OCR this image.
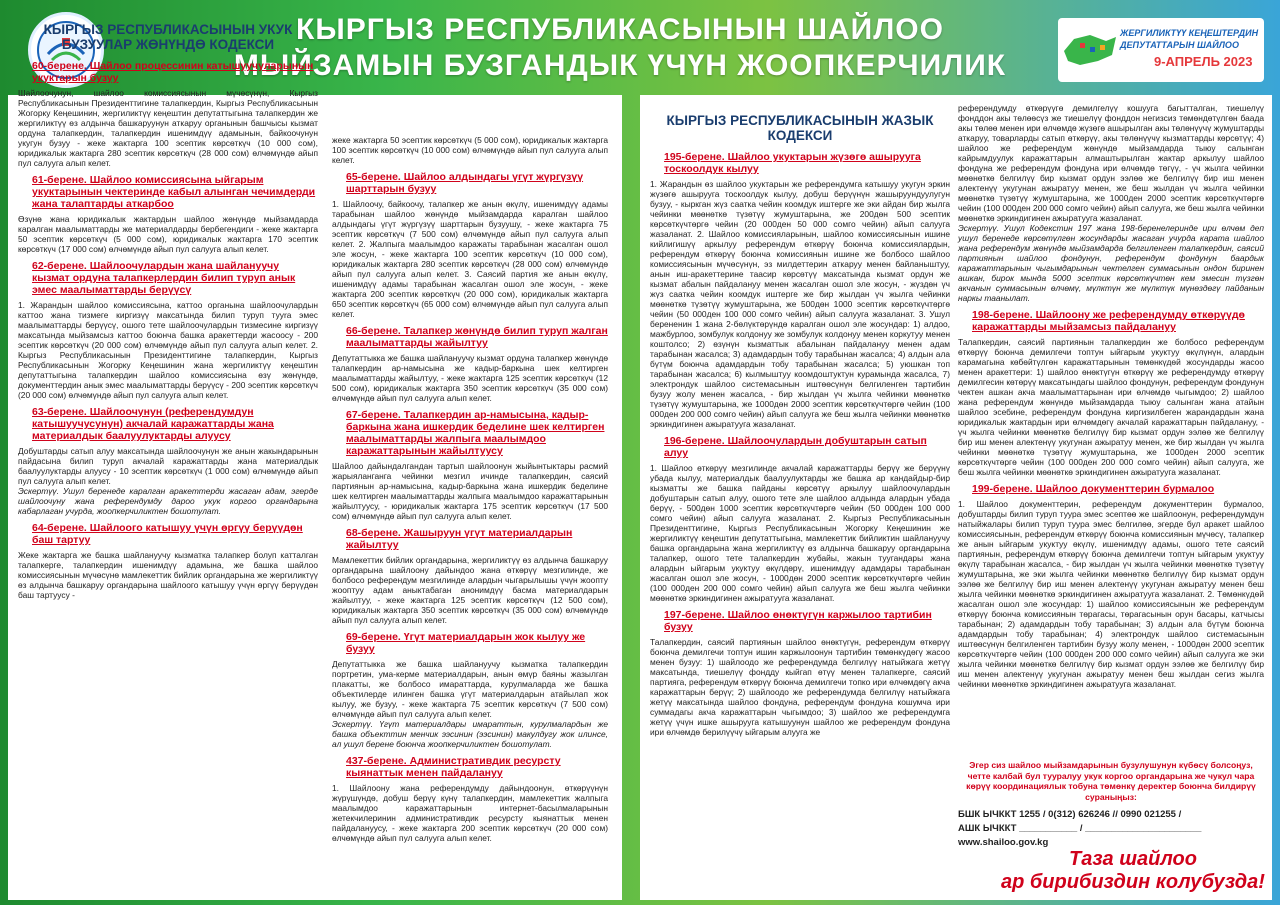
КЫРГЫЗ РЕСПУБЛИКАСЫНЫН ШАЙЛОО
МЫЙЗАМЫН БУЗГАНДЫК ҮЧҮН ЖООПКЕРЧИЛИК
ЖЕРГИЛИКТҮҮ КЕҢЕШТЕРДИН
ДЕПУТАТТАРЫН ШАЙЛОО
9-АПРЕЛЬ 2023
КЫРГЫЗ РЕСПУБЛИКАСЫНЫН УКУК БУЗУУЛАР ЖӨНҮНДӨ КОДЕКСИ
60-берене. Шайлоо процессинин катышуучуларынын укуктарын бузуу

Шайлоочунун, шайлоо комиссиясынын мүчөсүнүн, Кыргыз Республикасынын Президенттигине талапкердин, Кыргыз Республикасынын Жогорку Кеңешинин, жергиликтүү кеңештин депутаттыгына талапкердин же жергиликтүү өз алдынча башкаруунун аткаруу органынын башчысы кызмат ордуна талапкердин, талапкердин ишенимдүү адамынын, байкоочунун укугун бузуу - жеке жактарга 100 эсептик көрсөткүч (10 000 сом), юридикалык жактарга 280 эсептик көрсөткүч (28 000 сом) өлчөмүндө айып пул салууга алып келет.

61-берене. Шайлоо комиссиясына ыйгарым укуктарынын чектеринде кабыл алынган чечимдерди жана талаптарды аткарбоо

Өзүнө жана юридикалык жактардын шайлоо жөнүндө мыйзамдарда каралган маалыматтарды же материалдарды бербегендиги - жеке жактарга 50 эсептик көрсөткүч (5 000 сом), юридикалык жактарга 170 эсептик көрсөткүч (17 000 сом) өлчөмүндө айып пул салууга алып келет.

62-берене. Шайлоочулардын жана шайлануучу кызмат ордуна талапкерлердин билип туруп анык эмес маалыматтарды берүүсү

1. Жарандын шайлоо комиссиясына, каттоо органына шайлоочулардын каттоо жана тизмеге киргизүү максатында билип туруп тууra эмес маалыматтарды берүүсү, ошого тете шайлоочулардын тизмесине киргизүү максатында мыйзамсыз каттоо боюнча башка аракеттерди жасоосу - 200 эсептик көрсөткүч (20 000 сом) өлчөмүндө айып пул салууга алып келет. 2. Кыргыз Республикасынын Президенттигине талапкердин, Кыргыз Республикасынын Жогорку Кеңешинин жана жергиликтүү кеңештин депутаттыгына талапкердин шайлоо комиссиясына өзү жөнүндө, документтердин анык эмес маалыматтарды берүүсү - 200 эсептик көрсөткүч (20 000 сом) өлчөмүндө айып пул салууга алып келет.

63-берене. Шайлоочунун (референдумдун катышуучусунун) акчалай каражаттарды жана материалдык баалуулуктарды алуусу

Добуштарды сатып алуу максатында шайлоочунун же анын жакындарынын пайдасына билип туруп акчалай каражаттарды жана материалдык баалуулуктарды алуусу - 10 эсептик көрсөткүч (1 000 сом) өлчөмүндө айып пул салууга алып келет.

Эскертүү. Ушул беренеде каралган аракеттерди жасаган адам, эгерде шайлоочуну жана референдумду дароо укук коргоо органдарына кабарлаган учурда, жоопкерчиликтен бошотулат.

64-берене. Шайлоого катышуу үчүн өргүү берүүдөн баш тартуу

Жеке жактарга же башка шайлануучу кызматка талапкер болуп катталган талапкерге, талапкердин ишенимдүү адамына, же башка шайлоо комиссиясынын мүчөсүнө мамлекеттик бийлик органдарына же жергиликтүү өз алдынча башкаруу органдарына шайлоого катышуу үчүн өргүү берүүдөн баш тартуусу -

жеке жактарга 50 эсептик көрсөткүч (5 000 сом), юридикалык жактарга 100 эсептик көрсөткүч (10 000 сом) өлчөмүндө айып пул салууга алып келет.

65-берене. Шайлоо алдындагы үгүт жүргүзүү шарттарын бузуу

1. Шайлоочу, байкоочу, талапкер же анын өкүлү, ишенимдүү адамы тарабынан шайлоо жөнүндө мыйзамдарда каралган шайлоо алдындагы үгүт жүргүзүү шарттарын бузуушу, - жеке жактарга 75 эсептик көрсөткүч (7 500 сом) өлчөмүндө айып пул салууга алып келет. 2. Жалпыга маалымдоо каражаты тарабынан жасалган ошол эле жосун, - жеке жактарга 100 эсептик көрсөткүч (10 000 сом), юридикалык жактарга 280 эсептик көрсөткүч (28 000 сом) өлчөмүндө айып пул салууга алып келет. 3. Саясий партия же анын өкүлү, ишенимдүү адамы тарабынан жасалган ошол эле жосун, - жеке жактарга 200 эсептик көрсөткүч (20 000 сом), юридикалык жактарга 650 эсептик көрсөткүч (65 000 сом) өлчөмүндө айып пул салууга алып келет.

66-берене. Талапкер жөнүндө билип туруп жалган маалыматтарды жайылтуу

Депутаттыкка же башка шайлануучу кызмат ордуна талапкер жөнүндө талапкердин ар-намысына же кадыр-баркына шек келтирген маалыматтарды жайылтуу, - жеке жактарга 125 эсептик көрсөткүч (12 500 сом), юридикалык жактарга 350 эсептик көрсөткүч (35 000 сом) өлчөмүндө айып пул салууга алып келет.

67-берене. Талапкердин ар-намысына, кадыр-баркына жана ишкердик беделине шек келтирген маалыматтарды жалпыга маалымдоо каражаттарынын жайылтуусу

Шайлоо дайындалгандан тартып шайлоонун жыйынтыктары расмий жарыяланганга чейинки мезгил ичинде талапкердин, саясий партиянын ар-намысына, кадыр-баркына жана ишкердик беделине шек келтирген маалыматтарды жалпыга маалымдоо каражаттарынын жайылтуусу, - юридикалык жактарга 175 эсептик көрсөткүч (17 500 сом) өлчөмүндө айып пул салууга алып келет.

68-берене. Жашыруун үгүт материалдарын жайылтуу

Мамлекеттик бийлик органдарына, жергиликтүү өз алдынча башкаруу органдарына шайлоону дайындоо жана өткөрүү мезгилинде, же болбосо референдум мезгилинде алардын чыгарылышы үчүн жоопту жооптуу адам аныктабаган анонимдүү басма материалдарын жайылтуу, - жеке жактарга 125 эсептик көрсөткүч (12 500 сом), юридикалык жактарга 350 эсептик көрсөткүч (35 000 сом) өлчөмүндө айып пул салууга алып келет.

69-берене. Үгүт материалдарын жок кылуу же бузуу

Депутаттыкка же башка шайлануучу кызматка талапкердин портретин, ума-керме материалдарын, анын өмүр баяны жазылган плакатты, же болбосо имараттарда, курулмаларда же башка объектилерде илинген башка үгүт материалдарын атайылап жок кылуу, же бузуу, - жеке жактарга 75 эсептик көрсөткүч (7 500 сом) өлчөмүндө айып пул салууга алып келет.

Эскертүү. Үгүт материалдары имараттын, курулмалардын же башка объекттин менчик ээсинин (ээсинин) макулдугу жок илинсе, ал ушул берене боюнча жоопкерчиликтен бошотулат.

437-берене. Административдик ресурсту кыянаттык менен пайдалануу

1. Шайлоону жана референдумду дайындоонун, өткөрүүнүн жүрүшүндө, добуш берүү күнү талапкердин, мамлекеттик жалпыга маалымдоо каражаттарынын интернет-басылмаларынын жетекчилеринин административдик ресурсту кыянаттык менен пайдалануусу, - жеке жактарга 200 эсептик көрсөткүч (20 000 сом) өлчөмүндө айып пул салууга алып келет.

КЫРГЫЗ РЕСПУБЛИКАСЫНЫН ЖАЗЫК КОДЕКСИ
195-берене. Шайлоо укуктарын жүзөгө ашырууга тоскоолдук кылуу

1. Жарандын өз шайлоо укуктарын же референдумга катышуу укугун эркин жүзөгө ашырууга тоскоолдук кылуу, добуш берүүнүн жашыруундуулугун бузуу, - кыркган жүз саатка чейин коомдук иштерге же эки айдан бир жылга чейинки мөөнөткө түзөтүү жумуштарына, же 200дөн 500 эсептик көрсөткүчтөргө чейин (20 000ден 50 000 сомго чейин) айып салууга жазаланат. 2. Шайлоо комиссияларынын, шайлоо комиссиясынын ишине кийлигишүү аркылуу референдум өткөрүү боюнча комиссиялардын, референдум өткөрүү боюнча комиссиянын ишине же болбосо шайлоо комиссиясынын мүчөсүнүн, эз милдеттерин аткаруу менен байланыштуу, анын иш-аракеттерине таасир көрсөтүү максатында кызмат ордун же кызмат абалын пайдалануу менен жасалган ошол эле жосун, - жүздөн үч жүз саатка чейин коомдук иштерге же бир жылдан үч жылга чейинки мөөнөткө түзөтүү жумуштарына, же 500дөн 1000 эсептик көрсөткүчтөргө чейин (50 000ден 100 000 сомго чейин) айып салууга жазаланат. 3. Ушул берененин 1 жана 2-бөлүктөрүндө каралган ошол эле жосундар: 1) алдоо, мажбурлоо, зомбулук колдонуу же зомбулук колдонуу менен коркутуу менен коштолсо; 2) өзүнүн кызматтык абалынан пайдалануу менен адам тарабынан жасалса; 3) адамдардын тобу тарабынан жасалса; 4) алдын ала бүтүм боюнча адамдардын тобу тарабынан жасалса; 5) уюшкан топ тарабынан жасалса; 6) кылмыштуу коомдоштуктун курамында жасалса, 7) электрондук шайлоо системасынын иштөөсүнүн белгиленген тартибин бузуу жолу менен жасалса, - бир жылдан үч жылга чейинки мөөнөткө түзөтүү жумуштарына, же 1000дөн 2000 эсептик көрсөткүчтөргө чейин (100 000ден 200 000 сомго чейин) айып салууга же беш жылга чейинки мөөнөткө эркиндигинен ажыратууга жазаланат.

196-берене. Шайлоочулардын добуштарын сатып алуу

1. Шайлоо өткөрүү мезгилинде акчалай каражаттарды берүү же берүүнү убада кылуу, материалдык баалуулуктарды же башка ар кандайдыр-бир кызматты же башка пайданы көрсөтүү аркылуу шайлоочулардын добуштарын сатып алуу, ошого тете эле шайлоо алдында алардын убада берүү, - 500дөн 1000 эсептик көрсөткүчтөргө чейин (50 000ден 100 000 сомго чейин) айып салууга жазаланат. 2. Кыргыз Республикасынын Президенттигине, Кыргыз Республикасынын Жогорку Кеңешинин же жергиликтүү кеңештин депутаттыгына, мамлекеттик бийликтин шайлануучу башка органдарына жана жергиликтүү өз алдынча башкаруу органдарына талапкер, ошого тете талапкердин жубайы, жакын туугандары жана алардын ыйгарым укуктуу өкүлдөрү, ишенимдүү адамдары тарабынан жасалган ошол эле жосун, - 1000дөн 2000 эсептик көрсөткүчтөргө чейин (100 000ден 200 000 сомго чейин) айып салууга же беш жылга чейинки мөөнөткө эркиндигинен ажыратууга жазаланат.

197-берене. Шайлоо өнөктүгүн каржылоо тартибин бузуу

Талапкердин, саясий партиянын шайлоо өнөктүгүн, референдум өткөрүү боюнча демилгечи топтун ишин каржылоонун тартибин төмөнкүдөгү жасоо менен бузуу: 1) шайлоодо же референдумда белгилүү натыйжага жетүү максатында, тиешелүү фондду кыйгап өтүү менен талапкерге, саясий партияга, референдум өткөрүү боюнча демилгечи топко ири өлчөмдөгү акча каражаттарын берүү; 2) шайлоодо же референдумда белгилүү натыйжага жетүү максатында шайлоо фондуна, референдум фондуна кошумча ири суммадагы акча каражаттарын чыгымдоо; 3) шайлоо же референдумга жетүү үчүн ишке ашырууга катышуунун шайлоо же референдум фондуна ири өлчөмдө берилүүчү ыйгарым алууга же

референдумду өткөрүүгө демилгелүү кошууга багытталган, тиешелүү фонддон акы төлөөсүз же тиешелүү фонддон негизсиз төмөндөтүлгөн баада акы төлөө менен ири өлчөмдө жүзөгө ашырылган акы төлөнүүчү жумуштарды аткаруу, товарларды сатып өткөрүү, акы төлөнүүчү кызматтарды көрсөтүү; 4) шайлоо же референдум жөнүндө мыйзамдарда тыюу салынган кайрымдуулук каражаттарын алмаштырылган жактар аркылуу шайлоо фондуна же референдум фондуна ири өлчөмдө төгүү, - үч жылга чейинки мөөнөткө белгилүү бир кызмат ордун ээлөө же белгилүү бир иш менен алектенүү укугунан ажыратуу менен, же беш жылдан үч жылга чейинки мөөнөткө түзөтүү жумуштарына, же 1000ден 2000 эсептик көрсөткүчтөргө чейин (100 000ден 200 000 сомго чейин) айып салууга, же беш жылга чейинки мөөнөткө эркиндигинен ажыратууга жазаланат.

Эскертүү. Ушул Кодекстин 197 жана 198-беренелеринде ири өлчөм деп ушул беренеде көрсөтүлгөн жосундарды жасаган учурда карата шайлоо жана референдум жөнүндө мыйзамдарда белгиленген талапкердин, саясий партиянын шайлоо фондунун, референдум фондунун баардык каражаттарынын чыгымдарынын чектелген суммасынын ондон биринен ашкан, бирок мында 5000 эсептик көрсөткүчтөн кем эмесин түзгөн акчанын суммасынын өлчөмү, мүлктүн же мүлктүк мүнөздөгү пайданын наркы таанылат.

198-берене. Шайлоону же референдумду өткөрүүдө каражаттарды мыйзамсыз пайдалануу

Талапкердин, саясий партиянын талапкердин же болбосо референдум өткөрүү боюнча демилгечи топтун ыйгарым укуктуу өкүлүнүн, алардын карамагына көбөйтүлгөн каражаттарынын төмөнкүдөй жосундарды жасоо менен аракеттери: 1) шайлоо өнөктүгүн өткөрүү же референдумду өткөрүү демилгесин көтөрүү максатындагы шайлоо фондунун, референдум фондунун чектен ашкан акча маалыматтарынан ири өлчөмдө чыгымдоо; 2) шайлоо жана референдум жөнүндө мыйзамдарда тыюу салынган жана атайын шайлоо эсебине, референдум фондуна киргизилбеген жарандардын жана юридикалык жактардын ири өлчөмдөгү акчалай каражаттарын пайдалануу, - үч жылга чейинки мөөнөткө белгилүү бир кызмат ордун ээлөө же белгилүү бир иш менен алектенүү укугунан ажыратуу менен, же бир жылдан үч жылга чейинки мөөнөткө түзөтүү жумуштарына, же 1000ден 2000 эсептик көрсөткүчтөргө чейин (100 000ден 200 000 сомго чейин) айып салууга, же беш жылга чейинки мөөнөткө эркиндигинен ажыратууга жазаланат.

199-берене. Шайлоо документтерин бурмалоо

1. Шайлоо документтерин, референдум документтерин бурмалоо, добуштарды билип туруп туура эмес эсептөө же шайлоонун, референдумдун натыйжалары билип туруп туура эмес белгилөө, эгерде бул аракет шайлоо комиссиясынын, референдум өткөрүү боюнча комиссиянын мүчөсү, талапкер же анын ыйгарым укуктуу өкүлү, ишенимдүү адамы, ошого тете саясий партиянын, референдум өткөрүү боюнча демилгечи топтун ыйгарым укуктуу өкүлү тарабынан жасалса, - бир жылдан үч жылга чейинки мөөнөткө түзөтүү жумуштарына, же эки жылга чейинки мөөнөткө белгилүү бир кызмат ордун ээлөө же белгилүү бир иш менен алектенүү укугунан ажыратуу менен беш жылга чейинки мөөнөткө эркиндигинен ажыратууга жазаланат. 2. Төмөнкүдөй жасалган ошол эле жосундар: 1) шайлоо комиссиясынын же референдум өткөрүү боюнча комиссиянын төрагасы, төрагасынын орун басары, катчысы тарабынан; 2) адамдардын тобу тарабынан; 3) алдын ала бүтүм боюнча адамдардын тобу тарабынан; 4) электрондук шайлоо системасынын иштөөсүнүн белгиленген тартибин бузуу жолу менен, - 1000дөн 2000 эсептик көрсөткүчтөргө чейин (100 000ден 200 000 сомго чейин) айып салууга же эки жылга чейинки мөөнөткө белгилүү бир кызмат ордун ээлөө же белгилүү бир иш менен алектенүү укугунан ажыратуу менен беш жылдан сегиз жылга чейинки мөөнөткө эркиндигинен ажыратууга жазаланат.

Эгер сиз шайлоо мыйзамдарынын бузулушунун күбөсү болсоңуз, четте калбай бул тууралуу укук коргоо органдарына же чукул чара көрүү координациялык тобуна төмөнкү деректер боюнча билдирүү сураныңыз:
БШК ЫЧККТ 1255 / 0(312) 626246 // 0990 021255 /
АШК ЫЧККТ ___________ / ______________________
www.shailoo.gov.kg
Таза шайлоо
ар бирибиздин колубузда!
